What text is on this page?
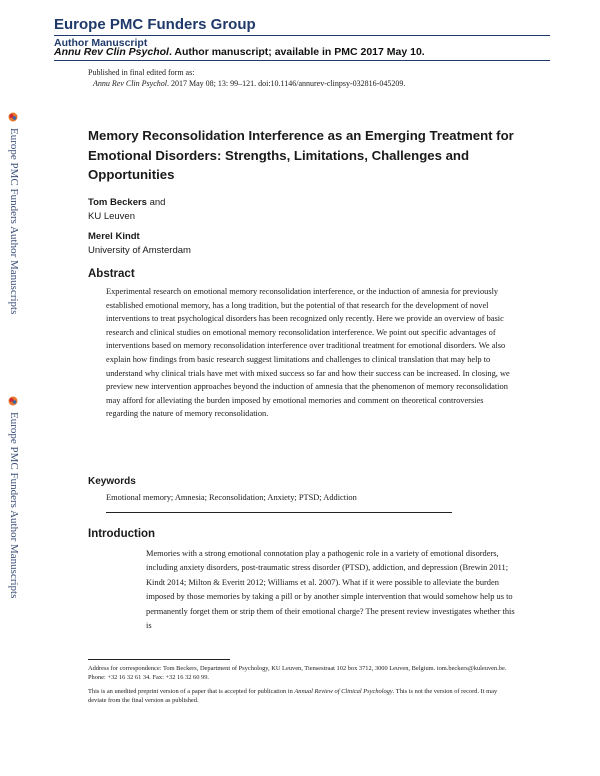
Europe PMC Funders Group
Author Manuscript
Annu Rev Clin Psychol. Author manuscript; available in PMC 2017 May 10.
Published in final edited form as:
Annu Rev Clin Psychol. 2017 May 08; 13: 99–121. doi:10.1146/annurev-clinpsy-032816-045209.
Europe PMC Funders Author Manuscripts
Europe PMC Funders Author Manuscripts
Memory Reconsolidation Interference as an Emerging Treatment for Emotional Disorders: Strengths, Limitations, Challenges and Opportunities
Tom Beckers and
KU Leuven
Merel Kindt
University of Amsterdam
Abstract
Experimental research on emotional memory reconsolidation interference, or the induction of amnesia for previously established emotional memory, has a long tradition, but the potential of that research for the development of novel interventions to treat psychological disorders has been recognized only recently. Here we provide an overview of basic research and clinical studies on emotional memory reconsolidation interference. We point out specific advantages of interventions based on memory reconsolidation interference over traditional treatment for emotional disorders. We also explain how findings from basic research suggest limitations and challenges to clinical translation that may help to understand why clinical trials have met with mixed success so far and how their success can be increased. In closing, we preview new intervention approaches beyond the induction of amnesia that the phenomenon of memory reconsolidation may afford for alleviating the burden imposed by emotional memories and comment on theoretical controversies regarding the nature of memory reconsolidation.
Keywords
Emotional memory; Amnesia; Reconsolidation; Anxiety; PTSD; Addiction
Introduction
Memories with a strong emotional connotation play a pathogenic role in a variety of emotional disorders, including anxiety disorders, post-traumatic stress disorder (PTSD), addiction, and depression (Brewin 2011; Kindt 2014; Milton & Everitt 2012; Williams et al. 2007). What if it were possible to alleviate the burden imposed by those memories by taking a pill or by another simple intervention that would somehow help us to permanently forget them or strip them of their emotional charge? The present review investigates whether this is
Address for correspondence: Tom Beckers, Department of Psychology, KU Leuven, Tiensestraat 102 box 3712, 3000 Leuven, Belgium. tom.beckers@kuleuven.be. Phone: +32 16 32 61 34. Fax: +32 16 32 60 99.
This is an unedited preprint version of a paper that is accepted for publication in Annual Review of Clinical Psychology. This is not the version of record. It may deviate from the final version as published.
